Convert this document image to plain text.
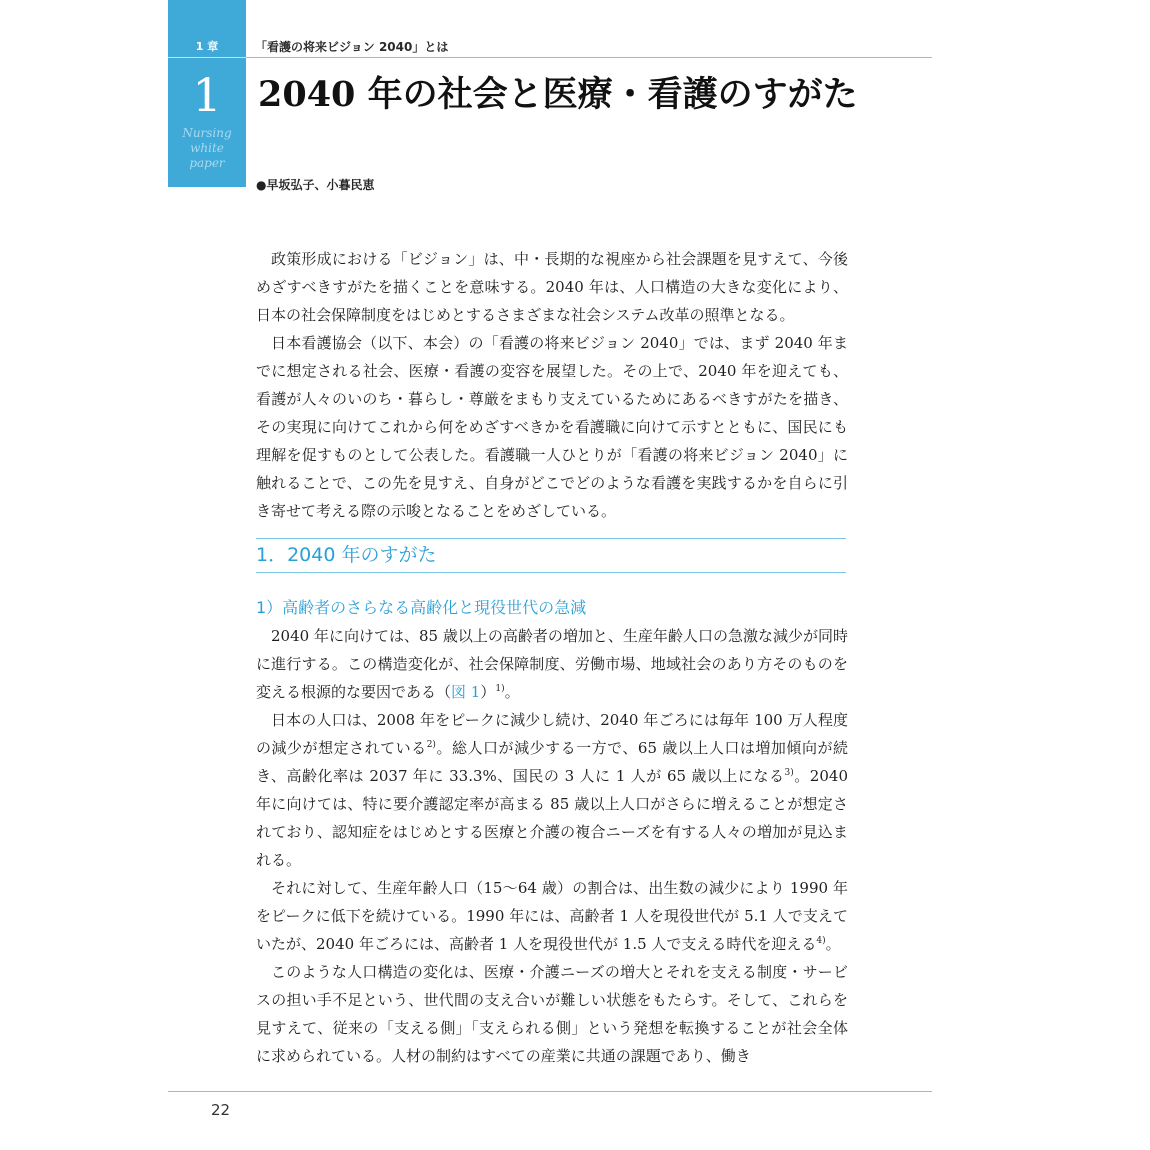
1 章
1
Nursing
white
paper
「看護の将来ビジョン 2040」とは
2040 年の社会と医療・看護のすがた
●早坂弘子、小暮民恵

政策形成における「ビジョン」は、中・長期的な視座から社会課題を見すえて、今後めざすべきすがたを描くことを意味する。2040 年は、人口構造の大きな変化により、日本の社会保障制度をはじめとするさまざまな社会システム改革の照準となる。

日本看護協会（以下、本会）の「看護の将来ビジョン 2040」では、まず 2040 年までに想定される社会、医療・看護の変容を展望した。その上で、2040 年を迎えても、看護が人々のいのち・暮らし・尊厳をまもり支えているためにあるべきすがたを描き、その実現に向けてこれから何をめざすべきかを看護職に向けて示すとともに、国民にも理解を促すものとして公表した。看護職一人ひとりが「看護の将来ビジョン 2040」に触れることで、この先を見すえ、自身がどこでどのような看護を実践するかを自らに引き寄せて考える際の示唆となることをめざしている。

1．2040 年のすがた
1）高齢者のさらなる高齢化と現役世代の急減

2040 年に向けては、85 歳以上の高齢者の増加と、生産年齢人口の急激な減少が同時に進行する。この構造変化が、社会保障制度、労働市場、地域社会のあり方そのものを変える根源的な要因である（図 1）$^{1)}$。

日本の人口は、2008 年をピークに減少し続け、2040 年ごろには毎年 100 万人程度の減少が想定されている$^{2)}$。総人口が減少する一方で、65 歳以上人口は増加傾向が続き、高齢化率は 2037 年に 33.3%、国民の 3 人に 1 人が 65 歳以上になる$^{3)}$。2040 年に向けては、特に要介護認定率が高まる 85 歳以上人口がさらに増えることが想定されており、認知症をはじめとする医療と介護の複合ニーズを有する人々の増加が見込まれる。

それに対して、生産年齢人口（15～64 歳）の割合は、出生数の減少により 1990 年をピークに低下を続けている。1990 年には、高齢者 1 人を現役世代が 5.1 人で支えていたが、2040 年ごろには、高齢者 1 人を現役世代が 1.5 人で支える時代を迎える$^{4)}$。

このような人口構造の変化は、医療・介護ニーズの増大とそれを支える制度・サービスの担い手不足という、世代間の支え合いが難しい状態をもたらす。そして、これらを見すえて、従来の「支える側」「支えられる側」という発想を転換することが社会全体に求められている。人材の制約はすべての産業に共通の課題であり、働き

22
